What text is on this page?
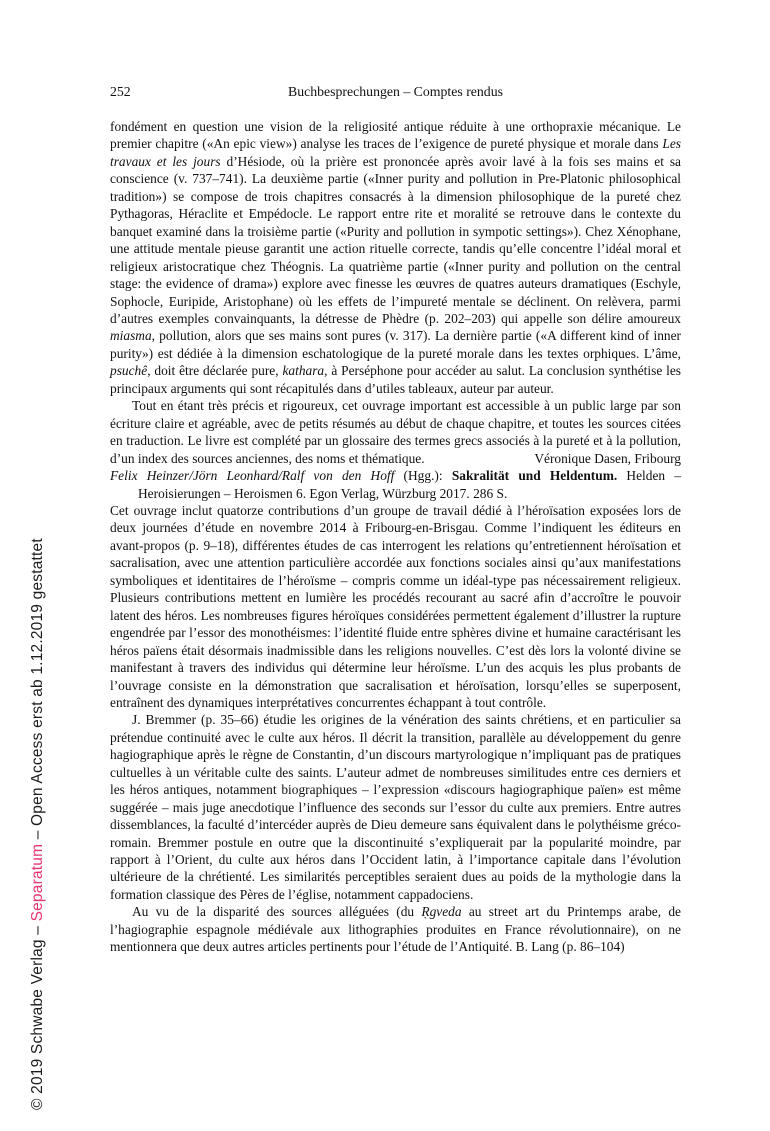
© 2019 Schwabe Verlag – Separatum – Open Access erst ab 1.12.2019 gestattet
252	Buchbesprechungen – Comptes rendus

fondément en question une vision de la religiosité antique réduite à une orthopraxie mécanique. Le premier chapitre («An epic view») analyse les traces de l’exigence de pureté physique et morale dans Les travaux et les jours d’Hésiode, où la prière est prononcée après avoir lavé à la fois ses mains et sa conscience (v. 737–741). La deuxième partie («Inner purity and pollution in Pre-Platonic philosophical tradition») se compose de trois chapitres consacrés à la dimension philosophique de la pureté chez Pythagoras, Héraclite et Empédocle. Le rapport entre rite et moralité se retrouve dans le contexte du banquet examiné dans la troisième partie («Purity and pollution in sympotic settings»). Chez Xénophane, une attitude mentale pieuse garantit une action rituelle correcte, tandis qu’elle concentre l’idéal moral et religieux aristocratique chez Théognis. La quatrième partie («Inner purity and pollution on the central stage: the evidence of drama») explore avec finesse les œuvres de quatres auteurs dramatiques (Eschyle, Sophocle, Euripide, Aristophane) où les effets de l’impureté mentale se déclinent. On relèvera, parmi d’autres exemples convainquants, la détresse de Phèdre (p. 202–203) qui appelle son délire amoureux miasma, pollution, alors que ses mains sont pures (v. 317). La dernière partie («A different kind of inner purity») est dédiée à la dimension eschatologique de la pureté morale dans les textes orphiques. L’âme, psuchê, doit être déclarée pure, kathara, à Perséphone pour accéder au salut. La conclusion synthétise les principaux arguments qui sont récapitulés dans d’utiles tableaux, auteur par auteur.

Tout en étant très précis et rigoureux, cet ouvrage important est accessible à un public large par son écriture claire et agréable, avec de petits résumés au début de chaque chapitre, et toutes les sources citées en traduction. Le livre est complété par un glossaire des termes grecs associés à la pureté et à la pollution, d’un index des sources anciennes, des noms et thématique.	Véronique Dasen, Fribourg

Felix Heinzer/Jörn Leonhard/Ralf von den Hoff (Hgg.): Sakralität und Heldentum. Helden – Heroisierungen – Heroismen 6. Egon Verlag, Würzburg 2017. 286 S.

Cet ouvrage inclut quatorze contributions d’un groupe de travail dédié à l’héroïsation exposées lors de deux journées d’étude en novembre 2014 à Fribourg-en-Brisgau. Comme l’indiquent les éditeurs en avant-propos (p. 9–18), différentes études de cas interrogent les relations qu’entretiennent héroïsation et sacralisation, avec une attention particulière accordée aux fonctions sociales ainsi qu’aux manifestations symboliques et identitaires de l’héroïsme – compris comme un idéal-type pas nécessairement religieux. Plusieurs contributions mettent en lumière les procédés recourant au sacré afin d’accroître le pouvoir latent des héros. Les nombreuses figures héroïques considérées permettent également d’illustrer la rupture engendrée par l’essor des monothéismes: l’identité fluide entre sphères divine et humaine caractérisant les héros païens était désormais inadmissible dans les religions nouvelles. C’est dès lors la volonté divine se manifestant à travers des individus qui détermine leur héroïsme. L’un des acquis les plus probants de l’ouvrage consiste en la démonstration que sacralisation et héroïsation, lorsqu’elles se superposent, entraînent des dynamiques interprétatives concurrentes échappant à tout contrôle.

J. Bremmer (p. 35–66) étudie les origines de la vénération des saints chrétiens, et en particulier sa prétendue continuité avec le culte aux héros. Il décrit la transition, parallèle au développement du genre hagiographique après le règne de Constantin, d’un discours martyrologique n’impliquant pas de pratiques cultuelles à un véritable culte des saints. L’auteur admet de nombreuses similitudes entre ces derniers et les héros antiques, notamment biographiques – l’expression «discours hagiographique païen» est même suggérée – mais juge anecdotique l’influence des seconds sur l’essor du culte aux premiers. Entre autres dissemblances, la faculté d’intercéder auprès de Dieu demeure sans équivalent dans le polythéisme gréco-romain. Bremmer postule en outre que la discontinuité s’expliquerait par la popularité moindre, par rapport à l’Orient, du culte aux héros dans l’Occident latin, à l’importance capitale dans l’évolution ultérieure de la chrétienté. Les similarités perceptibles seraient dues au poids de la mythologie dans la formation classique des Pères de l’église, notamment cappadociens.

Au vu de la disparité des sources alléguées (du Ṛgveda au street art du Printemps arabe, de l’hagiographie espagnole médiévale aux lithographies produites en France révolutionnaire), on ne mentionnera que deux autres articles pertinents pour l’étude de l’Antiquité. B. Lang (p. 86–104)
